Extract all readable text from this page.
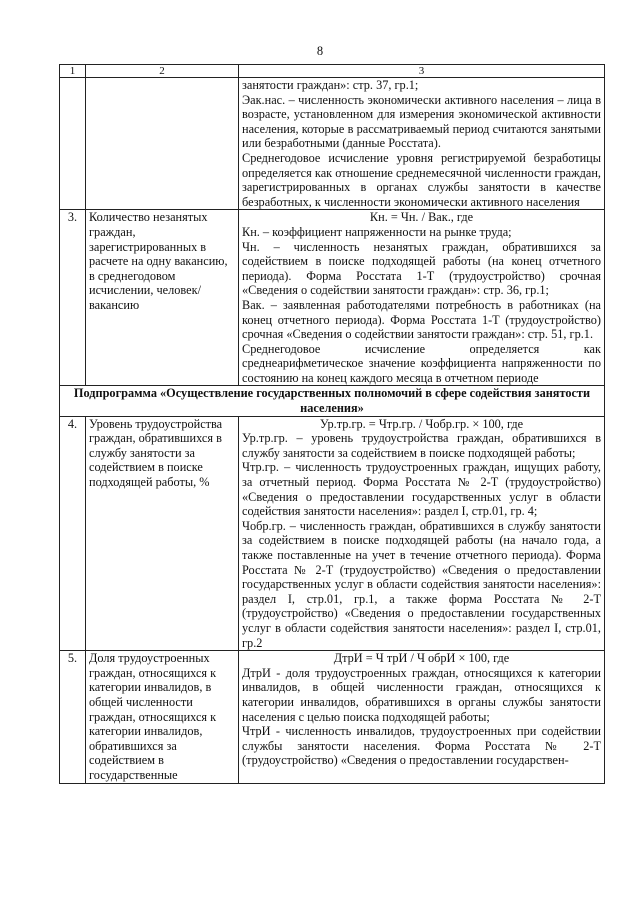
8
1	2	3

		занятости граждан»: стр. 37, гр.1;

Эак.нас. – численность экономически активного населения – лица в возрасте, установленном для измерения экономической активности населения, которые в рассматриваемый период считаются занятыми или безработными (данные Росстата).

Среднегодовое исчисление уровня регистрируемой безработицы определяется как отношение среднемесячной численности граждан, зарегистрированных в органах службы занятости в качестве безработных, к численности экономически активного населения

3.	Количество незанятых граждан, зарегистрированных в расчете на одну вакансию, в среднегодовом исчислении, человек/вакансию	Кн. = Чн. / Вак., где

Кн. – коэффициент напряженности на рынке труда;

Чн. – численность незанятых граждан, обратившихся за содействием в поиске подходящей работы (на конец отчетного периода). Форма Росстата 1-Т (трудоустройство) срочная «Сведения о содействии занятости граждан»: стр. 36, гр.1;

Вак. – заявленная работодателями потребность в работниках (на конец отчетного периода). Форма Росстата 1-Т (трудоустройство) срочная «Сведения о содействии занятости граждан»: стр. 51, гр.1.

Среднегодовое исчисление определяется как среднеарифметическое значение коэффициента напряженности по состоянию на конец каждого месяца в отчетном периоде

Подпрограмма «Осуществление государственных полномочий в сфере содействия занятости населения»		
4.	Уровень трудоустройства граждан, обратившихся в службу занятости за содействием в поиске подходящей работы, %	Ур.тр.гр. = Чтр.гр. / Чобр.гр. × 100, где

Ур.тр.гр. – уровень трудоустройства граждан, обратившихся в службу занятости за содействием в поиске подходящей работы;

Чтр.гр. – численность трудоустроенных граждан, ищущих работу, за отчетный период. Форма Росстата № 2-Т (трудоустройство) «Сведения о предоставлении государственных услуг в области содействия занятости населения»: раздел I, стр.01, гр. 4;

Чобр.гр. – численность граждан, обратившихся в службу занятости за содействием в поиске подходящей работы (на начало года, а также поставленные на учет в течение отчетного периода). Форма Росстата № 2-Т (трудоустройство) «Сведения о предоставлении государственных услуг в области содействия занятости населения»: раздел I, стр.01, гр.1, а также форма Росстата № 2-Т (трудоустройство) «Сведения о предоставлении государственных услуг в области содействия занятости населения»: раздел I, стр.01, гр.2

5.	Доля трудоустроенных граждан, относящихся к категории инвалидов, в общей численности граждан, относящихся к категории инвалидов, обратившихся за содействием в государственные	ДтрИ = Ч трИ / Ч обрИ × 100, где

ДтрИ - доля трудоустроенных граждан, относящихся к категории инвалидов, в общей численности граждан, относящихся к категории инвалидов, обратившихся в органы службы занятости населения с целью поиска подходящей работы;

ЧтрИ - численность инвалидов, трудоустроенных при содействии службы занятости населения. Форма Росстата № 2-Т (трудоустройство) «Сведения о предоставлении государствен-
